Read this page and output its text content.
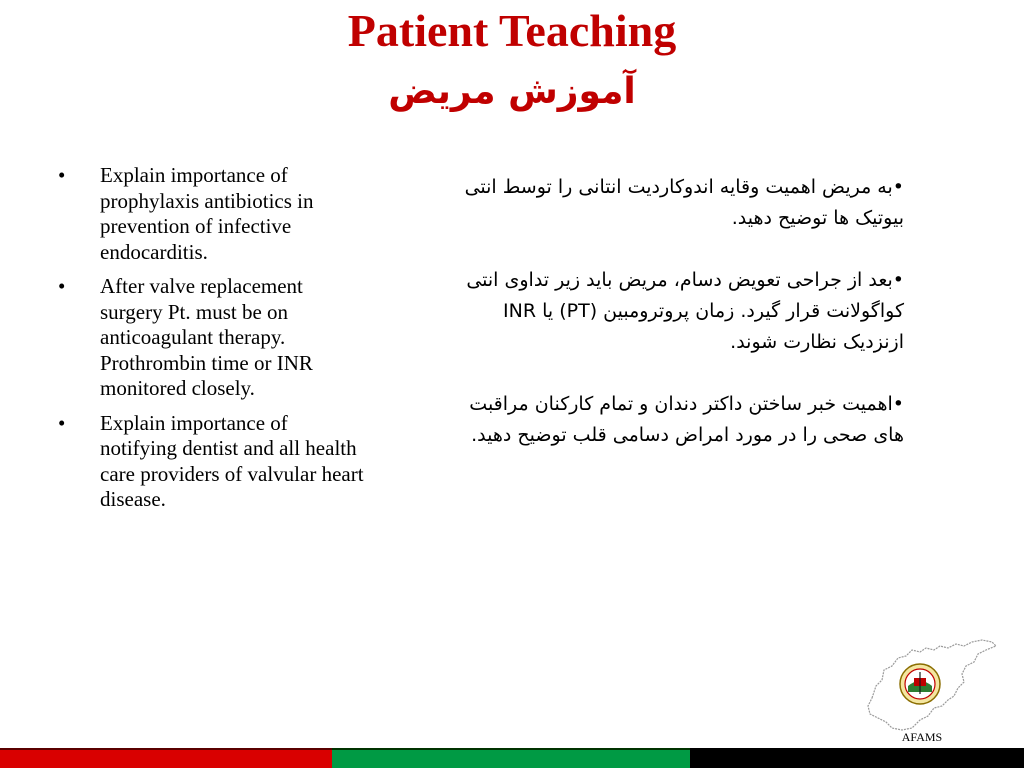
Patient Teaching
آموزش مریض
•	Explain importance of prophylaxis antibiotics in prevention of infective endocarditis.
•	After valve replacement surgery Pt. must be on anticoagulant therapy. Prothrombin time or INR monitored closely.
•	Explain importance of notifying dentist and all health care providers of valvular heart disease.

•به مریض اهمیت وقایه اندوکاردیت انتانی را توسط انتی بیوتیک ها توضیح دهید.

•بعد از جراحی تعویض دسام، مریض باید زیر تداوی انتی کواگولانت قرار گیرد. زمان پروترومبین (PT) یا INR ازنزدیک نظارت شوند.

•اهمیت خبر ساختن داکتر دندان و تمام کارکنان مراقبت های صحی را در مورد امراض دسامی قلب توضیح دهید.

AFAMS
